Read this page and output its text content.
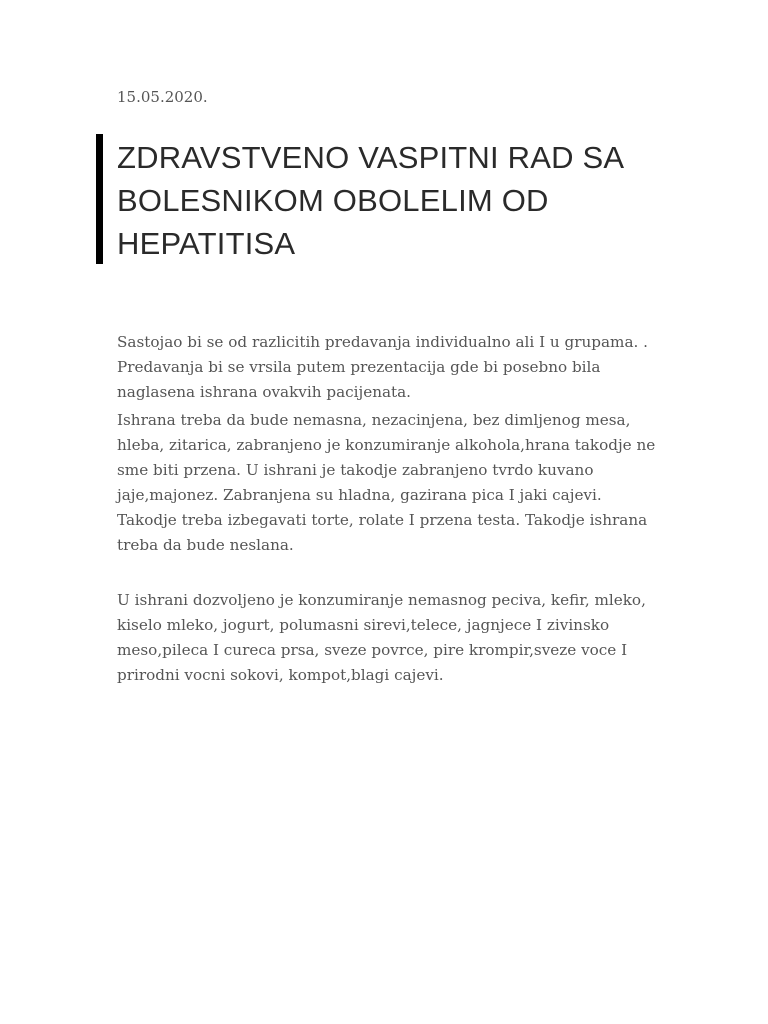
15.05.2020.
ZDRAVSTVENO VASPITNI RAD SA BOLESNIKOM OBOLELIM OD HEPATITISA

Sastojao bi se od razlicitih predavanja individualno ali I u grupama. . Predavanja bi se vrsila putem prezentacija gde bi posebno bila naglasena ishrana ovakvih pacijenata.

Ishrana treba da bude nemasna, nezacinjena, bez dimljenog mesa, hleba, zitarica, zabranjeno je konzumiranje alkohola,hrana takodje ne sme biti przena. U ishrani je takodje zabranjeno tvrdo kuvano jaje,majonez. Zabranjena su hladna, gazirana pica I jaki cajevi. Takodje treba izbegavati torte, rolate I przena testa. Takodje ishrana treba da bude neslana.

U ishrani dozvoljeno je konzumiranje nemasnog peciva, kefir, mleko, kiselo mleko, jogurt, polumasni sirevi,telece, jagnjece I zivinsko meso,pileca I cureca prsa, sveze povrce, pire krompir,sveze voce I prirodni vocni sokovi, kompot,blagi cajevi.
